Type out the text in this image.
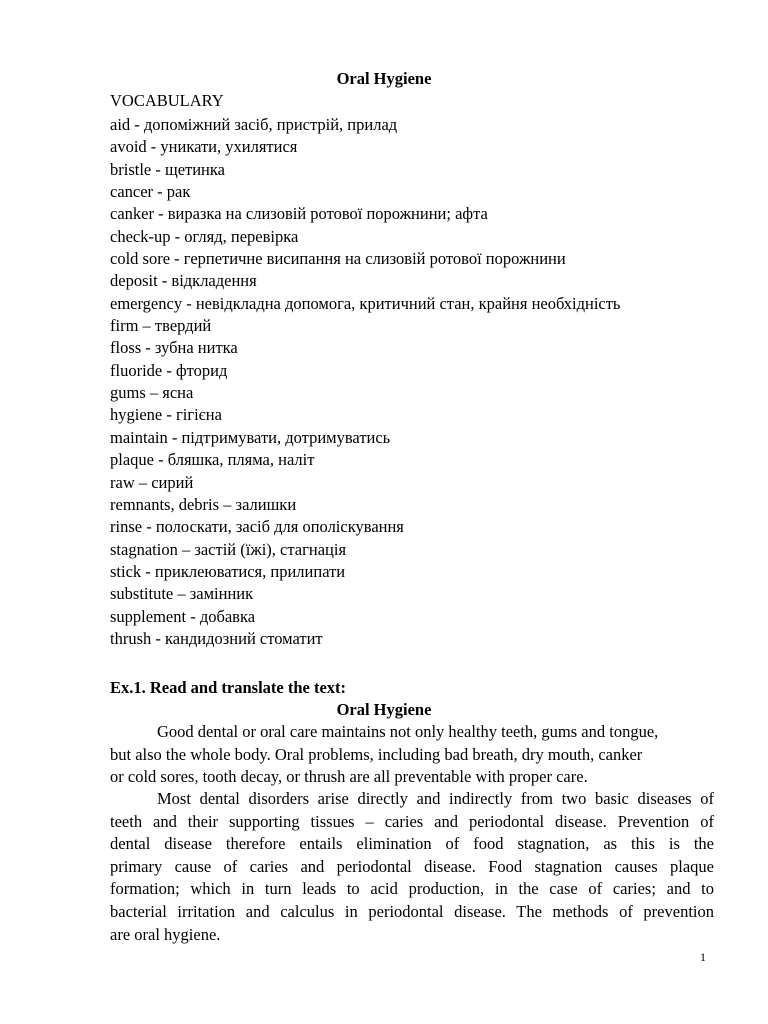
Oral Hygiene
VOCABULARY
aid - допоміжний засіб, пристрій, прилад
avoid - уникати, ухилятися
bristle - щетинка
cancer - рак
canker - виразка на слизовій ротової порожнини; афта
check-up - огляд, перевірка
cold sore - герпетичне висипання на слизовій ротової порожнини
deposit - відкладення
emergency - невідкладна допомога, критичний стан, крайня необхідність
firm – твердий
floss - зубна нитка
fluoride - фторид
gums – ясна
hygiene - гігієна
maintain - підтримувати, дотримуватись
plaque - бляшка, пляма, наліт
raw – сирий
remnants, debris – залишки
rinse - полоскати, засіб для ополіскування
stagnation – застій (їжі), стагнація
stick - приклеюватися, прилипати
substitute – замінник
supplement - добавка
thrush - кандидозний стоматит
Ex.1. Read and translate the text:
Oral Hygiene
Good dental or oral care maintains not only healthy teeth, gums and tongue,
but also the whole body. Oral problems, including bad breath, dry mouth, canker
or cold sores, tooth decay, or thrush are all preventable with proper care.
Most dental disorders arise directly and indirectly from two basic diseases of
teeth and their supporting tissues – caries and periodontal disease. Prevention of
dental disease therefore entails elimination of food stagnation, as this is the
primary cause of caries and periodontal disease. Food stagnation causes plaque
formation; which in turn leads to acid production, in the case of caries; and to
bacterial irritation and calculus in periodontal disease. The methods of prevention
are oral hygiene.
1
